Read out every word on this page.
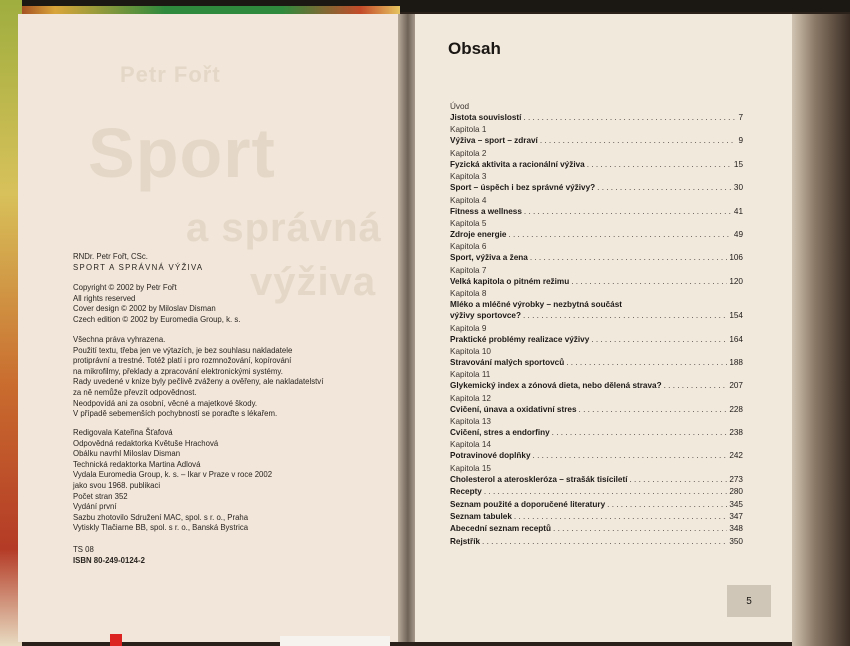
Petr Fořt
Sport
a správná
výživa
RNDr. Petr Fořt, CSc.
SPORT A SPRÁVNÁ VÝŽIVA
Copyright © 2002 by Petr Fořt
All rights reserved
Cover design © 2002 by Miloslav Disman
Czech edition © 2002 by Euromedia Group, k. s.
Všechna práva vyhrazena.
Použití textu, třeba jen ve výtazích, je bez souhlasu nakladatele
protiprávní a trestné. Totéž platí i pro rozmnožování, kopírování
na mikrofilmy, překlady a zpracování elektronickými systémy.
Rady uvedené v knize byly pečlivě zváženy a ověřeny, ale nakladatelství
za ně nemůže převzít odpovědnost.
Neodpovídá ani za osobní, věcné a majetkové škody.
V případě sebemenších pochybností se poraďte s lékařem.
Redigovala Kateřina Šťafová
Odpovědná redaktorka Květuše Hrachová
Obálku navrhl Miloslav Disman
Technická redaktorka Martina Adlová
Vydala Euromedia Group, k. s. – Ikar v Praze v roce 2002
jako svou 1968. publikaci
Počet stran 352
Vydání první
Sazbu zhotovilo Sdružení MAC, spol. s r. o., Praha
Vytiskly Tlačiarne BB, spol. s r. o., Banská Bystrica
TS 08
ISBN 80-249-0124-2
Obsah
Úvod
Jistota souvislostí . . .	7
Kapitola 1
Výživa – sport – zdraví . . .	9
Kapitola 2
Fyzická aktivita a racionální výživa . . .	15
Kapitola 3
Sport – úspěch i bez správné výživy? . . .	30
Kapitola 4
Fitness a wellness . . .	41
Kapitola 5
Zdroje energie . . .	49
Kapitola 6
Sport, výživa a žena . . .	106
Kapitola 7
Velká kapitola o pitném režimu . . .	120
Kapitola 8
Mléko a mléčné výrobky – nezbytná součást
výživy sportovce? . . .	154
Kapitola 9
Praktické problémy realizace výživy . . .	164
Kapitola 10
Stravování malých sportovců . . .	188
Kapitola 11
Glykemický index a zónová dieta, nebo dělená strava? . . .	207
Kapitola 12
Cvičení, únava a oxidativní stres . . .	228
Kapitola 13
Cvičení, stres a endorfiny . . .	238
Kapitola 14
Potravinové doplňky . . .	242
Kapitola 15
Cholesterol a ateroskleróza – strašák tisíciletí . . .	273
Recepty . . .	280
Seznam použité a doporučené literatury . . .	345
Seznam tabulek . . .	347
Abecední seznam receptů . . .	348
Rejstřík . . .	350
5
